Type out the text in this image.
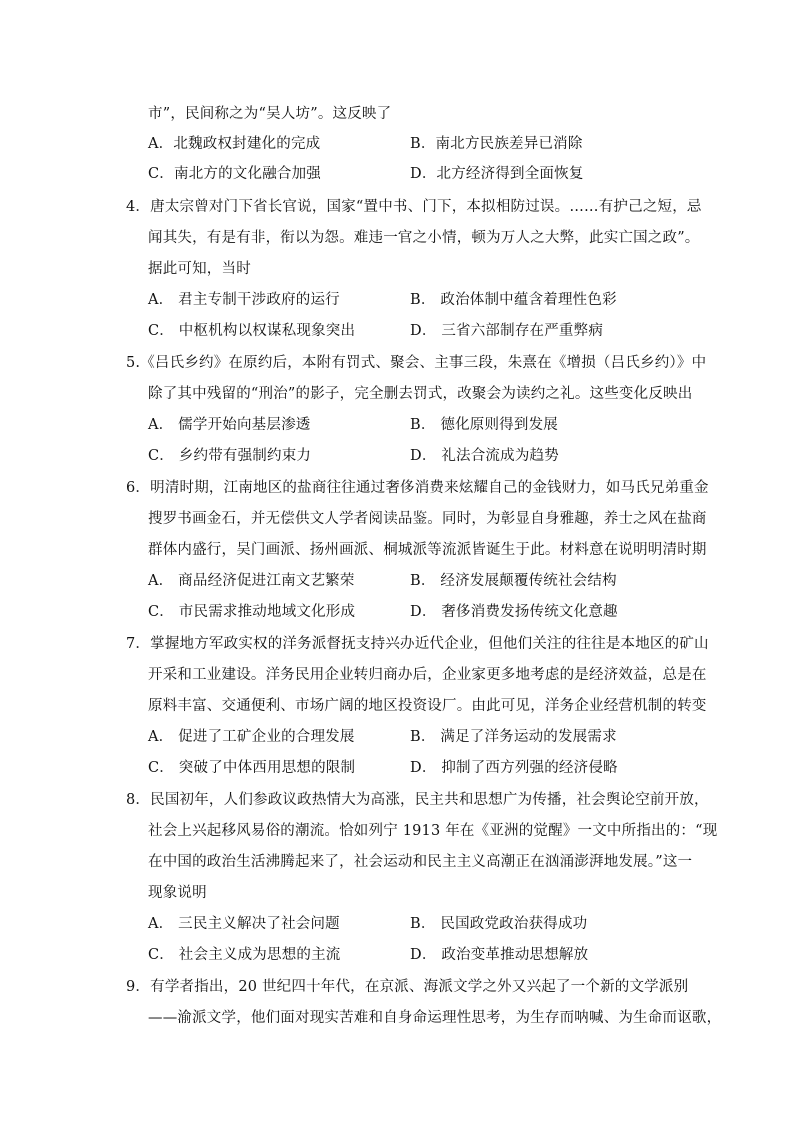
市”，民间称之为“吴人坊”。这反映了
A．北魏政权封建化的完成	B．南北方民族差异已消除
C．南北方的文化融合加强	D．北方经济得到全面恢复
4．唐太宗曾对门下省长官说，国家“置中书、门下，本拟相防过误。……有护己之短，忌
闻其失，有是有非，衔以为怨。难违一官之小情，顿为万人之大弊，此实亡国之政”。
据此可知，当时
A． 君主专制干涉政府的运行	B． 政治体制中蕴含着理性色彩
C． 中枢机构以权谋私现象突出	D． 三省六部制存在严重弊病
5.《吕氏乡约》在原约后，本附有罚式、聚会、主事三段，朱熹在《增损（吕氏乡约）》中
除了其中残留的“刑治”的影子，完全删去罚式，改聚会为读约之礼。这些变化反映出
A． 儒学开始向基层渗透	B． 德化原则得到发展
C． 乡约带有强制约束力	D． 礼法合流成为趋势
6．明清时期，江南地区的盐商往往通过奢侈消费来炫耀自己的金钱财力，如马氏兄弟重金
搜罗书画金石，并无偿供文人学者阅读品鉴。同时，为彰显自身雅趣，养士之风在盐商
群体内盛行，吴门画派、扬州画派、桐城派等流派皆诞生于此。材料意在说明明清时期
A． 商品经济促进江南文艺繁荣	B． 经济发展颠覆传统社会结构
C． 市民需求推动地域文化形成	D． 奢侈消费发扬传统文化意趣
7．掌握地方军政实权的洋务派督抚支持兴办近代企业，但他们关注的往往是本地区的矿山
开采和工业建设。洋务民用企业转归商办后，企业家更多地考虑的是经济效益，总是在
原料丰富、交通便利、市场广阔的地区投资设厂。由此可见，洋务企业经营机制的转变
A． 促进了工矿企业的合理发展	B． 满足了洋务运动的发展需求
C． 突破了中体西用思想的限制	D． 抑制了西方列强的经济侵略
8．民国初年，人们参政议政热情大为高涨，民主共和思想广为传播，社会舆论空前开放，
社会上兴起移风易俗的潮流。恰如列宁 1913 年在《亚洲的觉醒》一文中所指出的：“现
在中国的政治生活沸腾起来了，社会运动和民主主义高潮正在汹涌澎湃地发展。”这一
现象说明
A． 三民主义解决了社会问题	B． 民国政党政治获得成功
C． 社会主义成为思想的主流	D． 政治变革推动思想解放
9．有学者指出，20 世纪四十年代，在京派、海派文学之外又兴起了一个新的文学派别
——渝派文学，他们面对现实苦难和自身命运理性思考，为生存而呐喊、为生命而讴歌，
